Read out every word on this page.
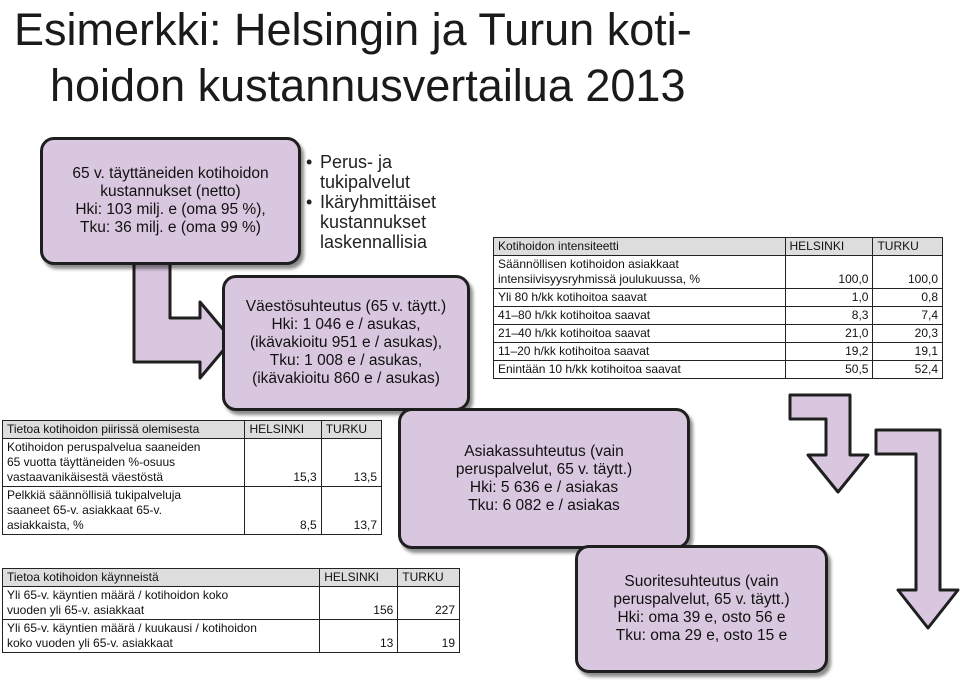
Esimerkki: Helsingin ja Turun koti-
hoidon kustannusvertailua 2013
65 v. täyttäneiden kotihoidon
kustannukset (netto)
Hki: 103 milj. e (oma 95 %),
Tku: 36 milj. e (oma 99 %)
• Perus- ja
tukipalvelut
• Ikäryhmittäiset
kustannukset
laskennallisia
Väestösuhteutus (65 v. täytt.)
Hki: 1 046 e / asukas,
(ikävakioitu 951 e / asukas),
Tku: 1 008 e / asukas,
(ikävakioitu 860 e / asukas)
Kotihoidon intensiteetti	HELSINKI	TURKU

Säännöllisen kotihoidon asiakkaat
intensiivisyysryhmissä joulukuussa, %	100,0	100,0
Yli 80 h/kk kotihoitoa saavat	1,0	0,8
41‒80 h/kk kotihoitoa saavat	8,3	7,4
21‒40 h/kk kotihoitoa saavat	21,0	20,3
11‒20 h/kk kotihoitoa saavat	19,2	19,1
Enintään 10 h/kk kotihoitoa saavat	50,5	52,4
Tietoa kotihoidon piirissä olemisesta	HELSINKI	TURKU

Kotihoidon peruspalvelua saaneiden
65 vuotta täyttäneiden %-osuus
vastaavanikäisestä väestöstä	15,3	13,5

Pelkkiä säännöllisiä tukipalveluja
saaneet 65-v. asiakkaat 65-v.
asiakkaista, %	8,5	13,7
Asiakassuhteutus (vain
peruspalvelut, 65 v. täytt.)
Hki: 5 636 e / asiakas
Tku: 6 082 e / asiakas
Tietoa kotihoidon käynneistä	HELSINKI	TURKU

Yli 65-v. käyntien määrä / kotihoidon koko
vuoden yli 65-v. asiakkaat	156	227

Yli 65-v. käyntien määrä / kuukausi / kotihoidon
koko vuoden yli 65-v. asiakkaat	13	19
Suoritesuhteutus (vain
peruspalvelut, 65 v. täytt.)
Hki: oma 39 e, osto 56 e
Tku: oma 29 e, osto 15 e
